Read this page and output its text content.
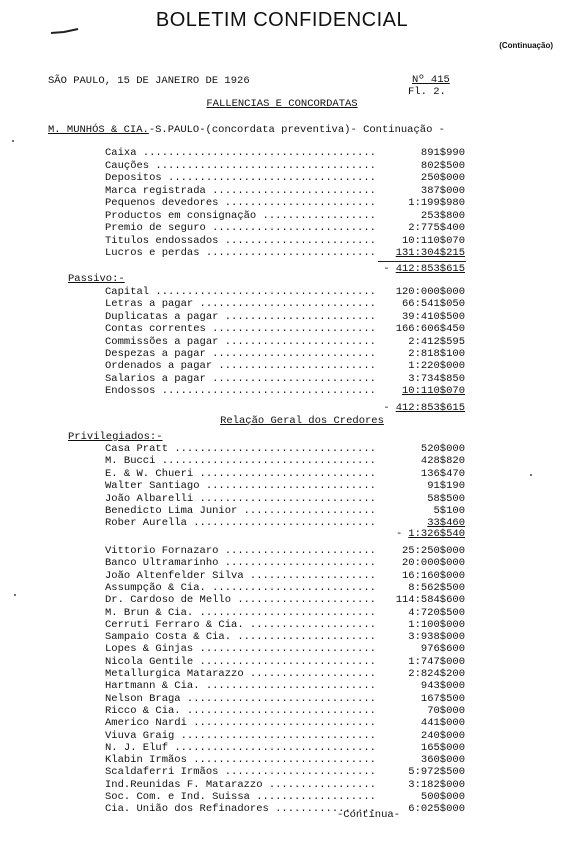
BOLETIM CONFIDENCIAL
(Continuação)
SÃO PAULO, 15 DE JANEIRO DE 1926	Nº 415
Fl. 2.
FALLENCIAS E CONCORDATAS
M. MUNHÓS & CIA.-S.PAULO-(concordata preventiva)- Continuação -
Caixa .....	891$990
Cauções .....	802$500
Depositos .....	250$000
Marca registrada .....	387$000
Pequenos devedores .....	1:199$980
Productos em consignação .....	253$800
Premio de seguro .....	2:775$400
Titulos endossados .....	10:110$070
Lucros e perdas .....	131:304$215
- 412:853$615
Passivo:-
Capital .....	120:000$000
Letras a pagar .....	66:541$050
Duplicatas a pagar .....	39:410$500
Contas correntes .....	166:606$450
Commissões a pagar .....	2:412$595
Despezas a pagar .....	2:818$100
Ordenados a pagar .....	1:220$000
Salarios a pagar .....	3:734$850
Endossos .....	10:110$070
- 412:853$615
Relação Geral dos Credores
Privilegiados:-
Casa Pratt .....	520$000
M. Bucci .....	428$820
E. & W. Chueri .....	136$470
Walter Santiago .....	91$190
João Albarelli .....	58$500
Benedicto Lima Junior .....	5$100
Rober Aurella .....	33$460
- 1:326$540
Vittorio Fornazaro .....	25:250$000
Banco Ultramarinho .....	20:000$000
João Altenfelder Silva .....	16:160$000
Assumpção & Cia. .....	8:562$500
Dr. Cardoso de Mello .....	114:584$600
M. Brun & Cia. .....	4:720$500
Cerruti Ferraro & Cia. .....	1:100$000
Sampaio Costa & Cia. .....	3:938$000
Lopes & Ginjas .....	976$600
Nicola Gentile .....	1:747$000
Metallurgica Matarazzo .....	2:824$200
Hartmann & Cia. .....	943$000
Nelson Braga .....	167$500
Ricco & Cia. .....	70$000
Americo Nardi .....	441$000
Viuva Graig .....	240$000
N. J. Eluf .....	165$000
Klabin Irmãos .....	360$000
Scaldaferri Irmãos .....	5:972$500
Ind.Reunidas F. Matarazzo .....	3:182$000
Soc. Com. e Ind. Suissa .....	500$000
Cia. União dos Refinadores .....	6:025$000
-Continua-
